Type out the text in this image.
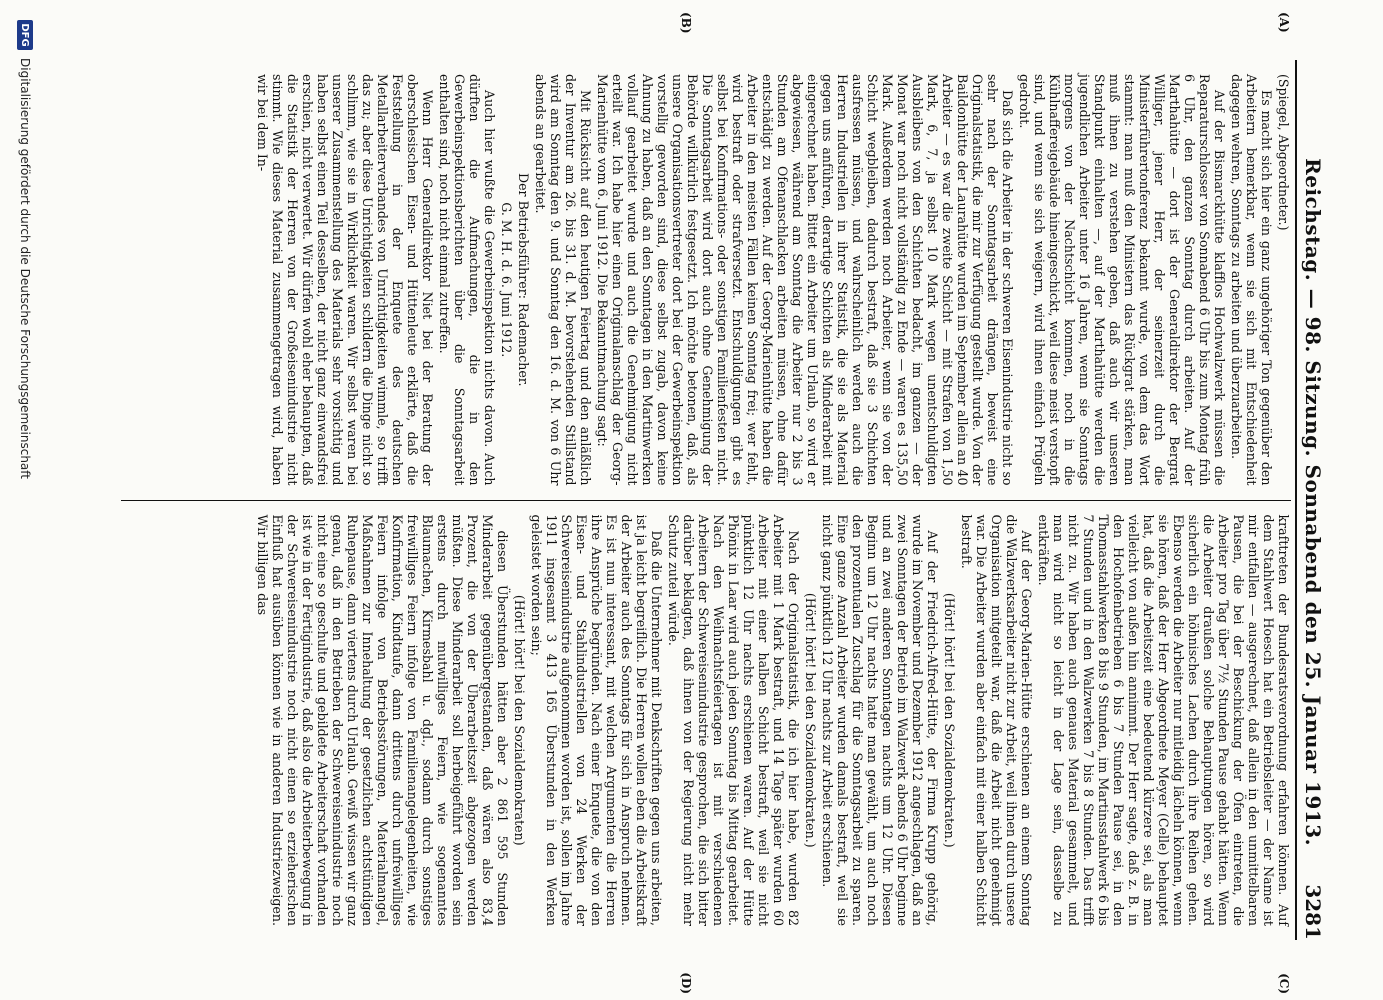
Reichstag. — 98. Sitzung. Sonnabend den 25. Januar 1913.
3281
(A)
(B)
(C)
(D)

(Spiegel, Abgeordneter.)

Es macht sich hier ein ganz ungehöriger Ton gegenüber den Arbeitern bemerkbar, wenn sie sich mit Entschiedenheit dagegen wehren, Sonntags zu arbeiten und überzuarbeiten.

Auf der Bismarckhütte klafflos Hochwalzwerk müssen die Reparaturschlosser von Sonnabend 6 Uhr bis zum Montag früh 6 Uhr, den ganzen Sonntag durch arbeiten. Auf der Marthahütte — dort ist der Generaldirektor der Bergrat Williger, jener Herr, der seinerzeit durch die Ministerführertonferenz bekannt wurde, von dem das Wort stammt: man muß den Ministern das Rückgrat stärken, man muß ihnen zu verstehen geben, daß auch wir unseren Standpunkt einhalten —, auf der Marthahütte werden die jugendlichen Arbeiter unter 16 Jahren, wenn sie Sonntags morgens von der Nachtschicht kommen, noch in die Kühlnaffereigebäude hineingeschickt, weil diese meist verstopft sind, und wenn sie sich weigern, wird ihnen einfach Prügeln gedroht.

Daß sich die Arbeiter in der schweren Eisenindustrie nicht so sehr nach der Sonntagsarbeit drängen, beweist eine Originalstatistik, die mir zur Verfügung gestellt wurde. Von der Baildonhütte der Laurahütte wurden im September allein an 40 Arbeiter — es war die zweite Schicht — mit Strafen von 1,50 Mark, 6, 7, ja selbst 10 Mark wegen unentschuldigten Ausbleibens von den Schichten bedacht, im ganzen — der Monat war noch nicht vollständig zu Ende — waren es 135,50 Mark. Außerdem werden noch Arbeiter, wenn sie von der Schicht wegbleiben, dadurch bestraft, daß sie 3 Schichten ausfressen müssen, und wahrscheinlich werden auch die Herren Industriellen in ihrer Statistik, die sie als Material gegen uns anführen, derartige Schichten als Minderarbeit mit eingerechnet haben. Bittet ein Arbeiter um Urlaub, so wird er abgewiesen, während am Sonntag die Arbeiter nur 2 bis 3 Stunden am Ofenanschlacken arbeiten müssen, ohne dafür entschädigt zu werden. Auf der Georg-Marienhütte haben die Arbeiter in den meisten Fällen keinen Sonntag frei; wer fehlt, wird bestraft oder strafversetzt. Entschuldigungen gibt es selbst bei Konfirmations- oder sonstigen Familienfesten nicht. Die Sonntagsarbeit wird dort auch ohne Genehmigung der Behörde willkürlich festgesetzt. Ich möchte betonen, daß, als unsere Organisationsvertreter dort bei der Gewerbeinspektion vorstellig geworden sind, diese selbst zugab, davon keine Ahnung zu haben, daß an den Sonntagen in den Martinwerken vollauf gearbeitet wurde und auch die Genehmigung nicht erteilt war. Ich habe hier einen Originalanschlag der Georg-Marienhütte vom 6. Juni 1912. Die Bekanntmachung sagt:

Mit Rücksicht auf den heutigen Feiertag und den anläßlich der Inventur am 26. bis 31. d. M. bevorstehenden Stillstand wird am Sonntag den 9. und Sonntag den 16. d. M. von 6 Uhr abends an gearbeitet.

Der Betriebsführer: Rademacher.

G. M. H. d. 6. Juni 1912.

Auch hier wußte die Gewerbeinspektion nichts davon. Auch dürften die Aufmachungen, die in den Gewerbeinspektionsberichten über die Sonntagsarbeit enthalten sind, noch nicht einmal zutreffen.

Wenn Herr Generaldirektor Niet bei der Beratung der oberschlesischen Eisen- und Hüttenleute erklärte, daß die Feststellung in der Enquete des deutschen Metallarbeiterverbandes von Unrichtigkeiten wimmle, so trifft das zu; aber diese Unrichtigkeiten schildern die Dinge nicht so schlimm, wie sie in Wirklichkeit waren. Wir selbst waren bei unserer Zusammenstellung des Materials sehr vorsichtig und haben selbst einen Teil desselben, der nicht ganz einwandsfrei erschien, nicht verwertet. Wir dürfen wohl eher behaupten, daß die Statistik der Herren von der Großeisenindustrie nicht stimmt. Wie dieses Material zusammengetragen wird, haben wir bei dem In-

krafttreten der Bundesratsverordnung erfahren können. Auf dem Stahlwert Hoesch hat ein Betriebsleiter — der Name ist mir entfallen — ausgerechnet, daß allein in den unmittelbaren Pausen, die bei der Beschickung der Öfen eintreten, die Arbeiter pro Tag über 7½ Stunden Pause gehabt hätten. Wenn die Arbeiter draußen solche Behauptungen hören, so wird sicherlich ein höhnisches Lachen durch ihre Reihen gehen. Ebenso werden die Arbeiter nur mitleidig lächeln können, wenn sie hören, daß der Herr Abgeordnete Meyer (Celle) behauptet hat, daß die Arbeitszeit eine bedeutend kürzere sei, als man vielleicht von außen hin annimmt. Der Herr sagte, daß z. B. in den Hochofenbetrieben 6 bis 7 Stunden Pause sei, in den Thomasstahlwerken 8 bis 9 Stunden, im Martinsstahlwerk 6 bis 7 Stunden und in den Walzwerken 7 bis 8 Stunden. Das trifft nicht zu. Wir haben auch genaues Material gesammelt, und man wird nicht so leicht in der Lage sein, dasselbe zu entkräften.

Auf der Georg-Marien-Hütte erschienen an einem Sonntag die Walzwerksarbeiter nicht zur Arbeit, weil ihnen durch unsere Organisation mitgeteilt war, daß die Arbeit nicht genehmigt war. Die Arbeiter wurden aber einfach mit einer halben Schicht bestraft.

(Hört! hört! bei den Sozialdemokraten.)

Auf der Friedrich-Alfred-Hütte, der Firma Krupp gehörig, wurde im November und Dezember 1912 angeschlagen, daß an zwei Sonntagen der Betrieb im Walzwerk abends 6 Uhr beginne und an zwei anderen Sonntagen nachts um 12 Uhr. Diesen Beginn um 12 Uhr nachts hatte man gewählt, um auch noch den prozentualen Zuschlag für die Sonntagsarbeit zu sparen. Eine ganze Anzahl Arbeiter wurden damals bestraft, weil sie nicht ganz pünktlich 12 Uhr nachts zur Arbeit erschienen.

(Hört! hört! bei den Sozialdemokraten.)

Nach der Originalstatistik, die ich hier habe, wurden 82 Arbeiter mit 1 Mark bestraft, und 14 Tage später wurden 60 Arbeiter mit einer halben Schicht bestraft, weil sie nicht pünktlich 12 Uhr nachts erschienen waren. Auf der Hütte Phönix in Laar wird auch jeden Sonntag bis Mittag gearbeitet. Nach den Weihnachtsfeiertagen ist mit verschiedenen Arbeitern der Schwereisenindustrie gesprochen, die sich bitter darüber beklagten, daß ihnen von der Regierung nicht mehr Schutz zuteil würde.

Daß die Unternehmer mit Denkschriften gegen uns arbeiten, ist ja leicht begreiflich. Die Herren wollen eben die Arbeitskraft der Arbeiter auch des Sonntags für sich in Anspruch nehmen. Es ist nun interessant, mit welchen Argumenten die Herren ihre Ansprüche begründen. Nach einer Enquete, die von den Eisen- und Stahlindustriellen von 24 Werken der Schwereisenindustrie aufgenommen worden ist, sollen im Jahre 1911 insgesamt 3 413 165 Überstunden in den Werken geleistet worden sein;

(Hört! hört! bei den Sozialdemokraten)

diesen Überstunden hätten aber 2 861 595 Stunden Minderarbeit gegenübergestanden, daß wären also 83,4 Prozent, die von der Überarbeitszeit abgezogen werden müßten. Diese Minderarbeit soll herbeigeführt worden sein erstens durch mutwilliges Feiern, wie sogenanntes Blaumachen, Kirmesbahl u. dgl., sodann durch sonstiges freiwilliges Feiern infolge von Familienangelegenheiten, wie Konfirmation, Kindtaufe, dann drittens durch unfreiwilliges Feiern infolge von Betriebsstörungen, Materialmangel, Maßnahmen zur Innehaltung der gesetzlichen achtstündigen Ruhepause, dann viertens durch Urlaub. Gewiß wissen wir ganz genau, daß in den Betrieben der Schwereisenindustrie noch nicht eine so geschulte und gebildete Arbeiterschaft vorhanden ist wie in der Fertigindustrie, daß also die Arbeiterbewegung in der Schwereisenindustrie noch nicht einen so erzieherischen Einfluß hat ausüben können wie in anderen Industriezweigen. Wir billigen das

DFG
Digitalisierung gefördert durch die Deutsche Forschungsgemeinschaft
